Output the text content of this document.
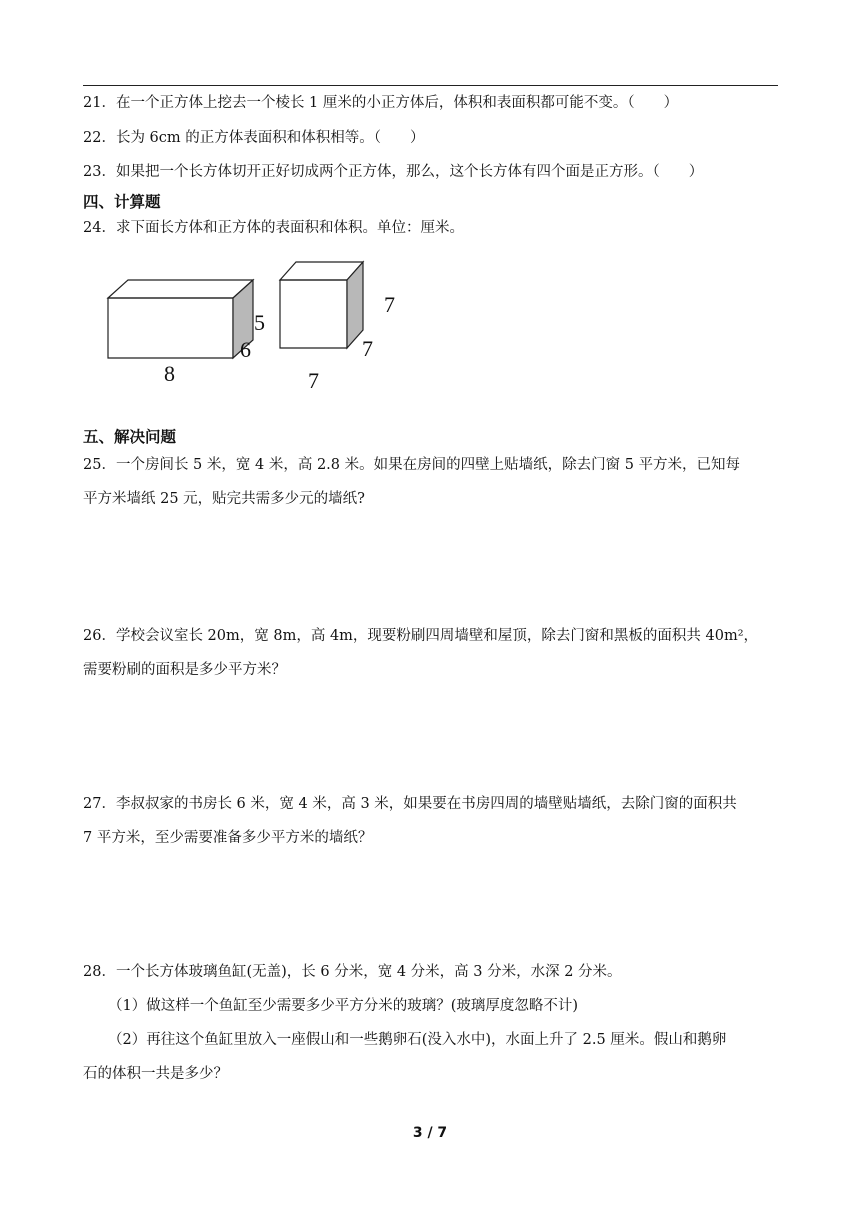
21．在一个正方体上挖去一个棱长 1 厘米的小正方体后，体积和表面积都可能不变。（　　）
22．长为 6cm 的正方体表面积和体积相等。（　　）
23．如果把一个长方体切开正好切成两个正方体，那么，这个长方体有四个面是正方形。（　　）
四、计算题
24．求下面长方体和正方体的表面积和体积。单位：厘米。
5
6
8
7
7
7
五、解决问题
25．一个房间长 5 米，宽 4 米，高 2.8 米。如果在房间的四壁上贴墙纸，除去门窗 5 平方米，已知每
平方米墙纸 25 元，贴完共需多少元的墙纸?
26．学校会议室长 20m，宽 8m，高 4m，现要粉刷四周墙壁和屋顶，除去门窗和黑板的面积共 40m²，
需要粉刷的面积是多少平方米？
27．李叔叔家的书房长 6 米，宽 4 米，高 3 米，如果要在书房四周的墙壁贴墙纸，去除门窗的面积共
7 平方米，至少需要准备多少平方米的墙纸？
28．一个长方体玻璃鱼缸(无盖)，长 6 分米，宽 4 分米，高 3 分米，水深 2 分米。
（1）做这样一个鱼缸至少需要多少平方分米的玻璃？(玻璃厚度忽略不计)
（2）再往这个鱼缸里放入一座假山和一些鹅卵石(没入水中)，水面上升了 2.5 厘米。假山和鹅卵
石的体积一共是多少？
3 / 7
